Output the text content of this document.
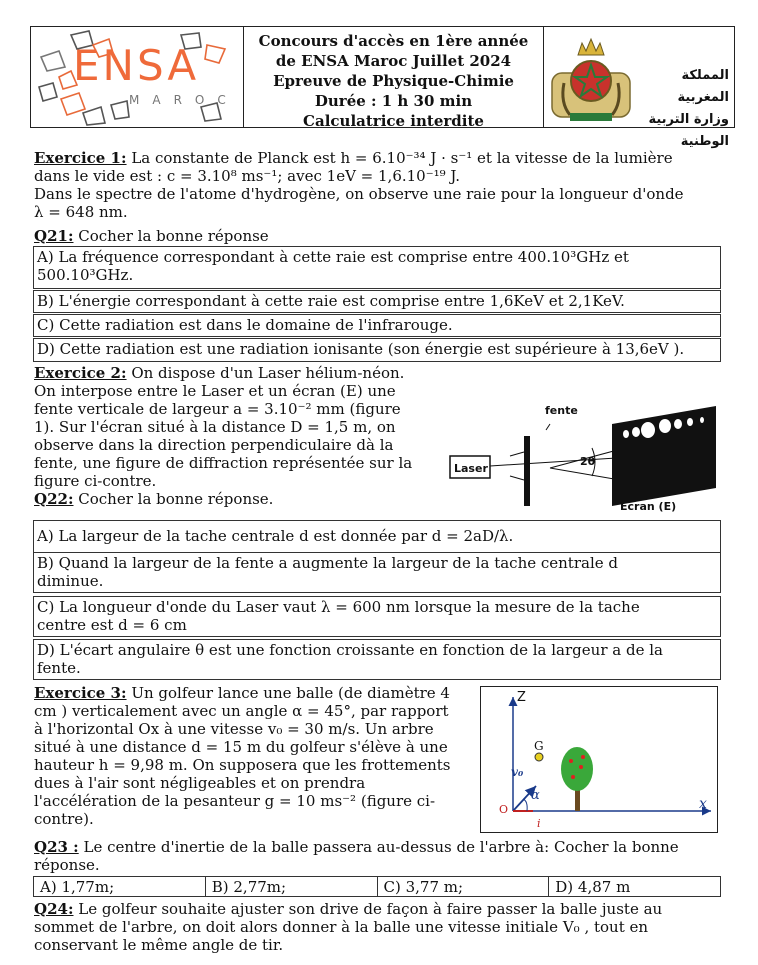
ENSA
MAROC
Concours d'accès en 1ère année
de ENSA Maroc Juillet 2024
Epreuve de Physique-Chimie
Durée : 1 h 30 min
Calculatrice interdite
المملكة المغربية
وزارة التربية الوطنية
Exercice 1: La constante de Planck est h = 6.10⁻³⁴ J · s⁻¹ et la vitesse de la lumière
dans le vide est : c = 3.10⁸ ms⁻¹; avec 1eV = 1,6.10⁻¹⁹ J.
Dans le spectre de l'atome d'hydrogène, on observe une raie pour la longueur d'onde
λ = 648 nm.
Q21: Cocher la bonne réponse
A) La fréquence correspondant à cette raie est comprise entre 400.10³GHz et
500.10³GHz.
B) L'énergie correspondant à cette raie est comprise entre 1,6KeV et 2,1KeV.
C) Cette radiation est dans le domaine de l'infrarouge.
D) Cette radiation est une radiation ionisante (son énergie est supérieure à 13,6eV ).
Exercice 2: On dispose d'un Laser hélium-néon.
On interpose entre le Laser et un écran (E) une
fente verticale de largeur a = 3.10⁻² mm (figure
1). Sur l'écran situé à la distance D = 1,5 m, on
observe dans la direction perpendiculaire dà la
fente, une figure de diffraction représentée sur la
figure ci-contre.
Q22: Cocher la bonne réponse.
fente
Laser
2θ
Ecran (E)
A) La largeur de la tache centrale d est donnée par d = 2aD/λ.
B) Quand la largeur de la fente a augmente la largeur de la tache centrale d
diminue.
C) La longueur d'onde du Laser vaut λ = 600 nm lorsque la mesure de la tache
centre est d = 6 cm
D) L'écart angulaire θ est une fonction croissante en fonction de la largeur a de la
fente.
Exercice 3: Un golfeur lance une balle (de diamètre 4
cm ) verticalement avec un angle α = 45°, par rapport
à l'horizontal Ox à une vitesse v₀ = 30 m/s. Un arbre
situé à une distance d = 15 m du golfeur s'élève à une
hauteur h = 9,98 m. On supposera que les frottements
dues à l'air sont négligeables et on prendra
l'accélération de la pesanteur g = 10 ms⁻² (figure ci-
contre).
Z
G
v₀
α
O	x
i
Q23 : Le centre d'inertie de la balle passera au-dessus de l'arbre à: Cocher la bonne
réponse.
A) 1,77m;	B) 2,77m;	C) 3,77 m;	D) 4,87 m
Q24: Le golfeur souhaite ajuster son drive de façon à faire passer la balle juste au
sommet de l'arbre, on doit alors donner à la balle une vitesse initiale V₀ , tout en
conservant le même angle de tir.
